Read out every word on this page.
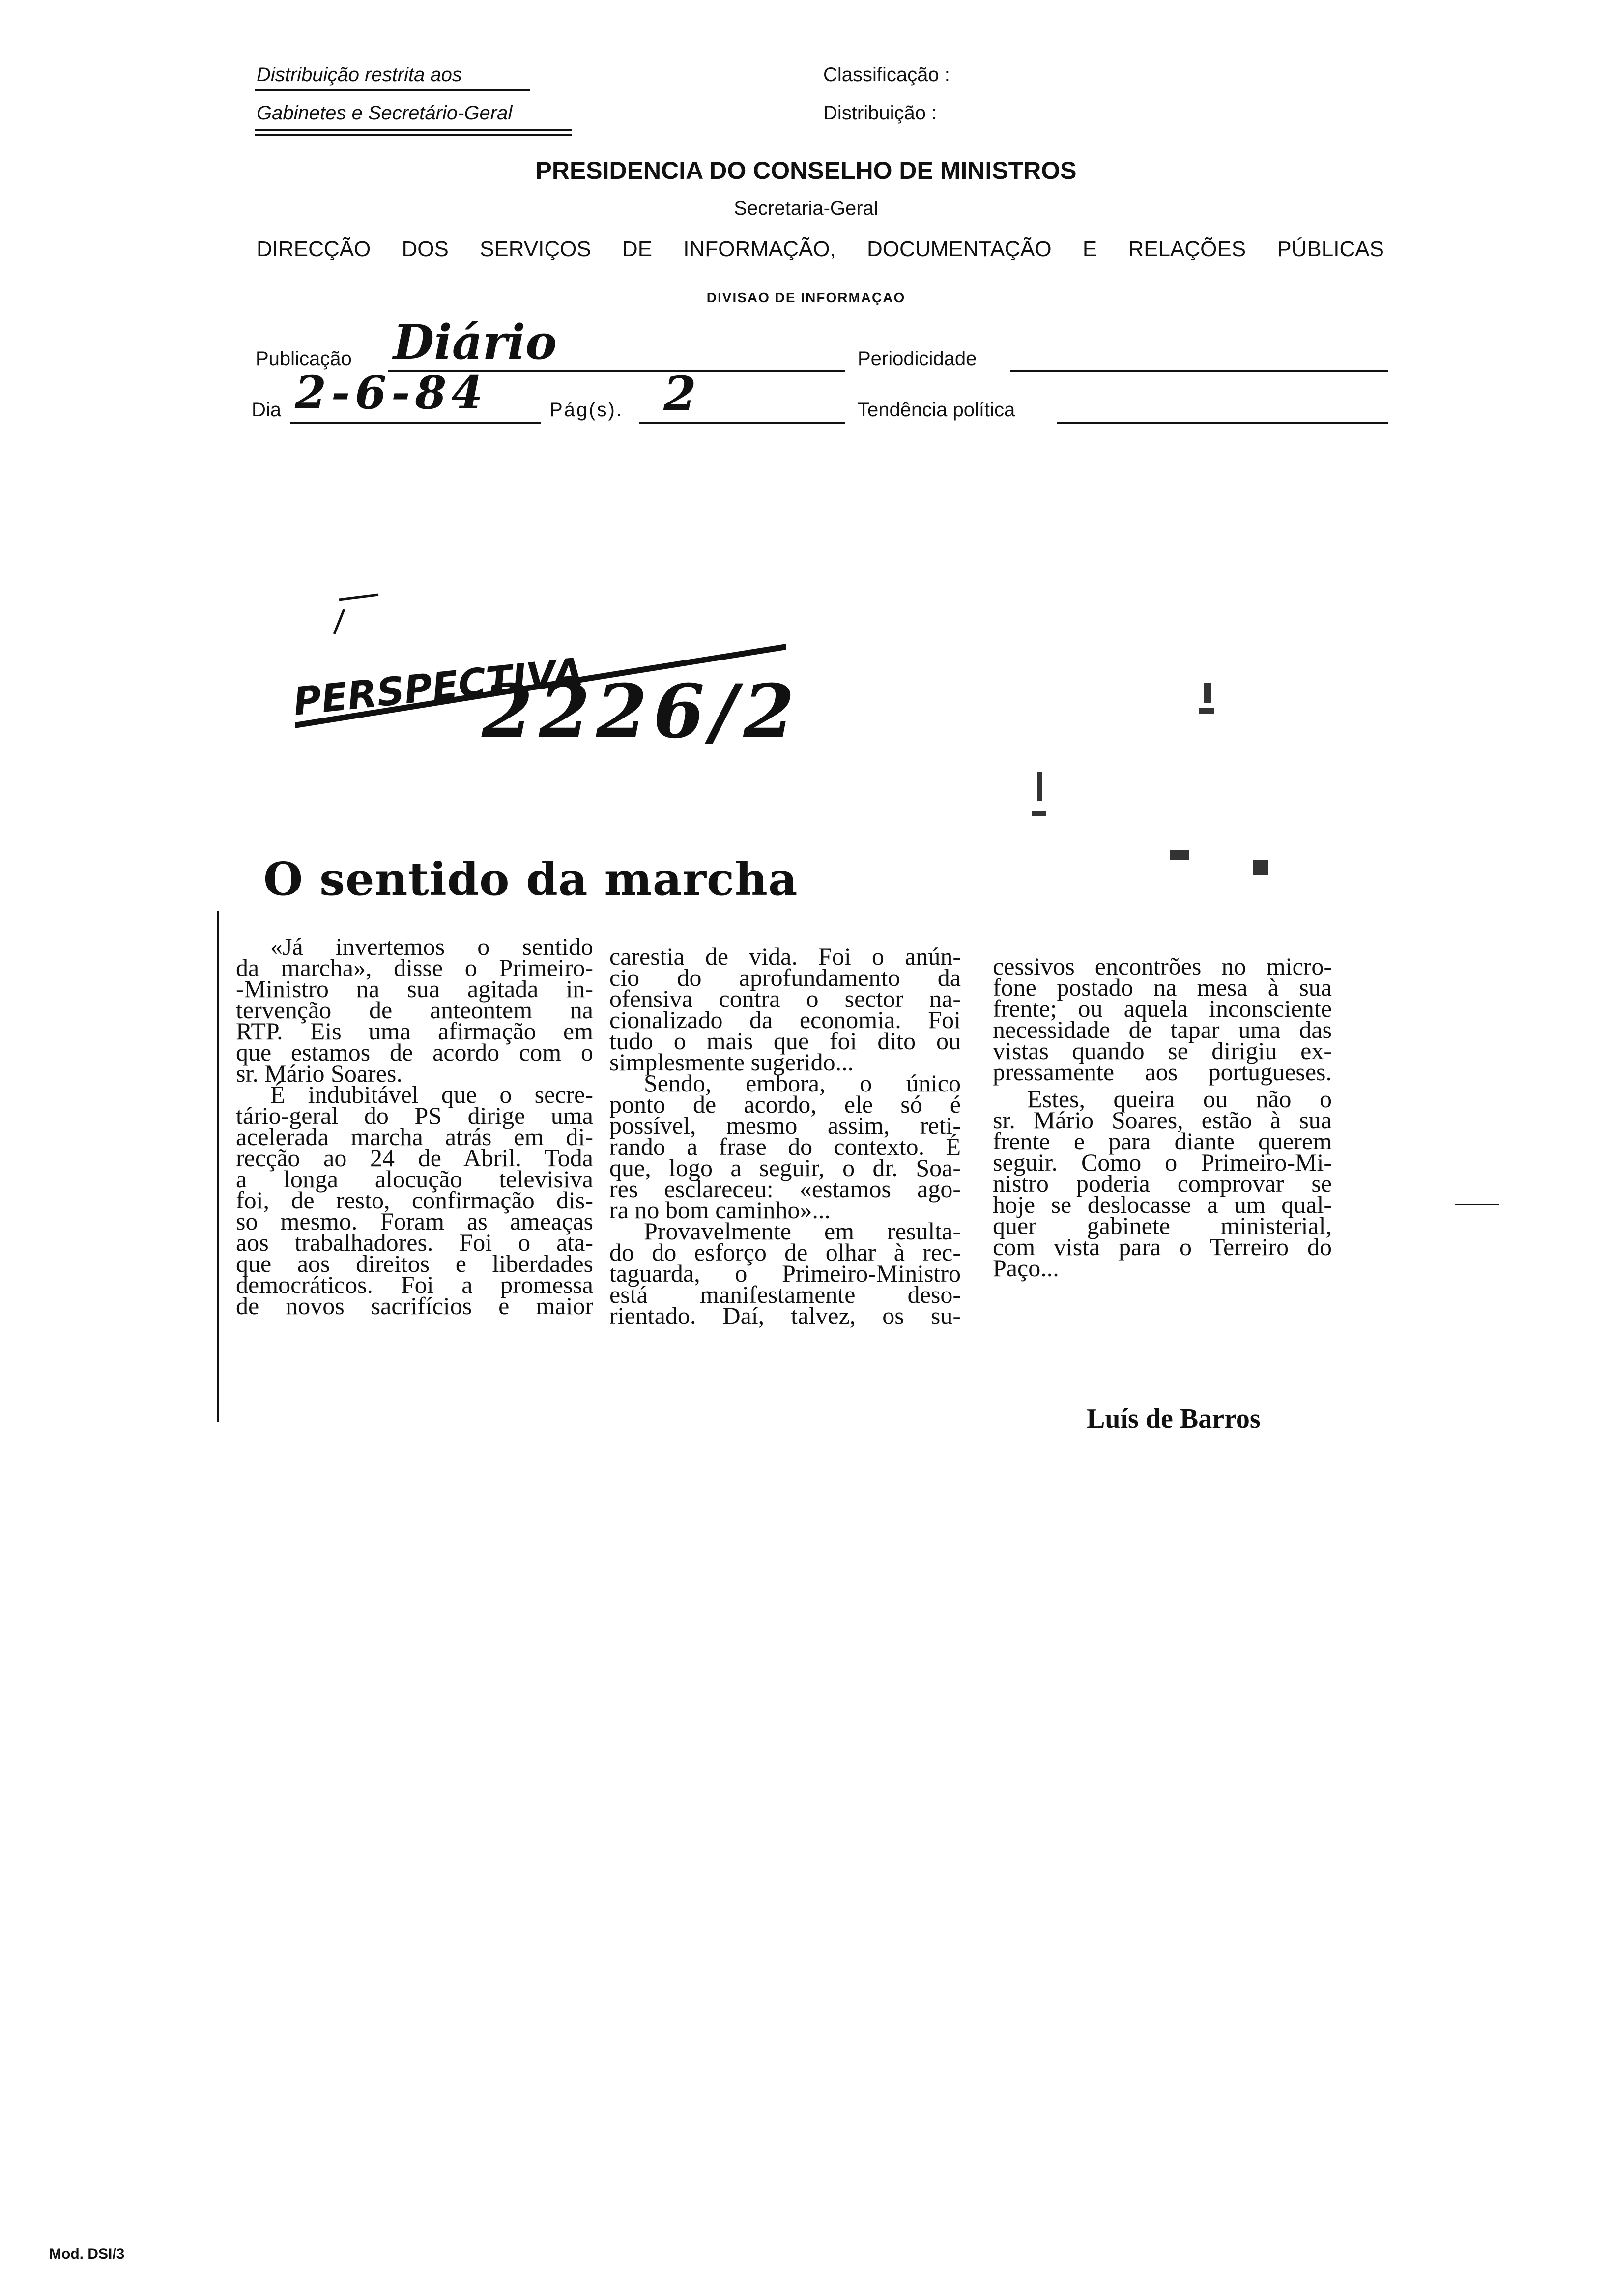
Distribuição restrita aos
Gabinetes e Secretário-Geral
Classificação :
Distribuição :
PRESIDENCIA DO CONSELHO DE MINISTROS
Secretaria-Geral
DIRECÇÃO DOS SERVIÇOS DE INFORMAÇÃO, DOCUMENTAÇÃO E RELAÇÕES PÚBLICAS
DIVISAO DE INFORMAÇAO
Publicação Diário	Periodicidade
Dia 2-6-84	Pág(s). 2	Tendência política
PERSPECTIVA
2226/2
O sentido da marcha
«Já invertemos o sentido
da marcha», disse o Primeiro-
-Ministro na sua agitada in-
tervenção de anteontem na
RTP. Eis uma afirmação em
que estamos de acordo com o
sr. Mário Soares.
É indubitável que o secre-
tário-geral do PS dirige uma
acelerada marcha atrás em di-
recção ao 24 de Abril. Toda
a longa alocução televisiva
foi, de resto, confirmação dis-
so mesmo. Foram as ameaças
aos trabalhadores. Foi o ata-
que aos direitos e liberdades
democráticos. Foi a promessa
de novos sacrifícios e maior
carestia de vida. Foi o anún-
cio do aprofundamento da
ofensiva contra o sector na-
cionalizado da economia. Foi
tudo o mais que foi dito ou
simplesmente sugerido...
Sendo, embora, o único
ponto de acordo, ele só é
possível, mesmo assim, reti-
rando a frase do contexto. É
que, logo a seguir, o dr. Soa-
res esclareceu: «estamos ago-
ra no bom caminho»...
Provavelmente em resulta-
do do esforço de olhar à rec-
taguarda, o Primeiro-Ministro
está manifestamente deso-
rientado. Daí, talvez, os su-
cessivos encontrões no micro-
fone postado na mesa à sua
frente; ou aquela inconsciente
necessidade de tapar uma das
vistas quando se dirigiu ex-
pressamente aos portugueses.
Estes, queira ou não o
sr. Mário Soares, estão à sua
frente e para diante querem
seguir. Como o Primeiro-Mi-
nistro poderia comprovar se
hoje se deslocasse a um qual-
quer gabinete ministerial,
com vista para o Terreiro do
Paço...
Luís de Barros
Mod. DSI/3
